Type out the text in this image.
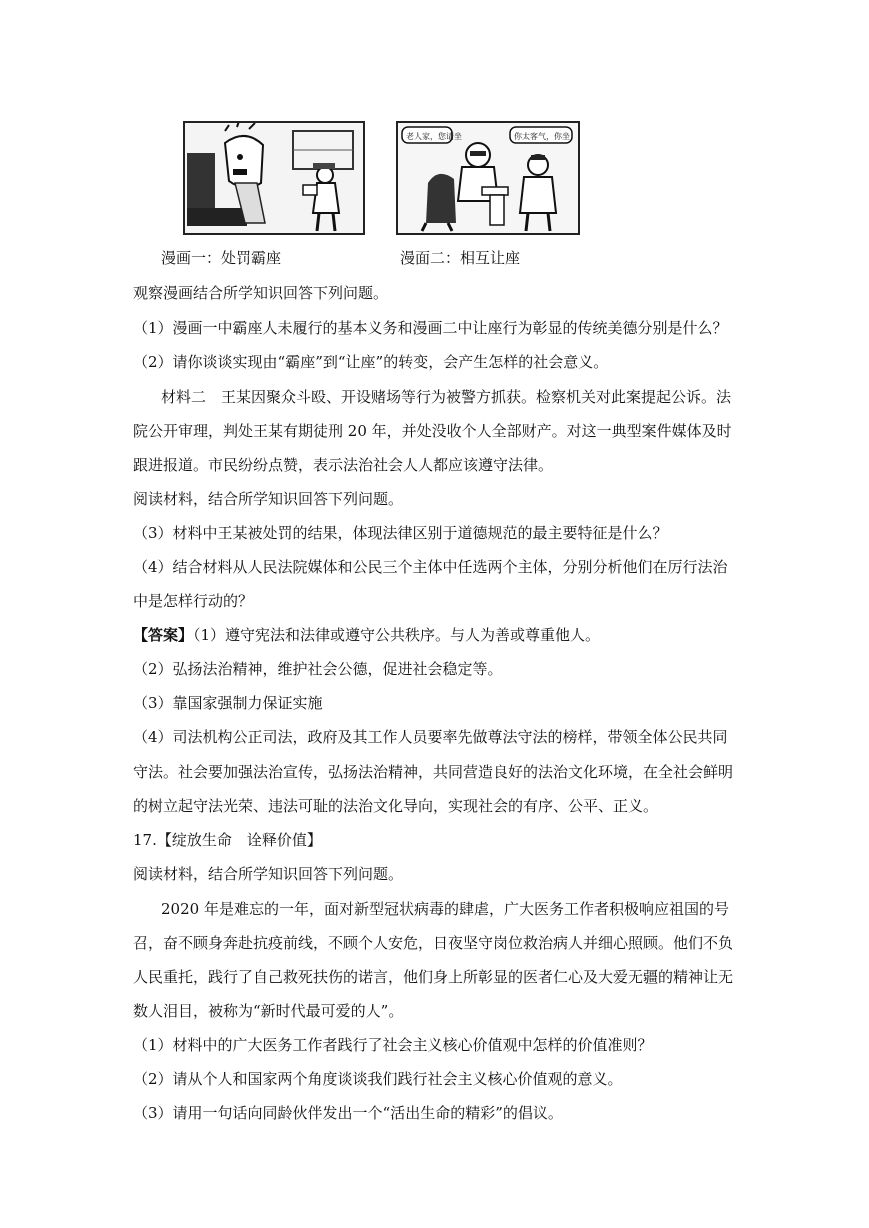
老人家，您请坐	你太客气，你坐
漫画一：处罚霸座	漫面二：相互让座
观察漫画结合所学知识回答下列问题。
（1）漫画一中霸座人未履行的基本义务和漫画二中让座行为彰显的传统美德分别是什么？
（2）请你谈谈实现由“霸座”到“让座”的转变，会产生怎样的社会意义。
材料二　王某因聚众斗殴、开设赌场等行为被警方抓获。检察机关对此案提起公诉。法
院公开审理，判处王某有期徒刑 20 年，并处没收个人全部财产。对这一典型案件媒体及时
跟进报道。市民纷纷点赞，表示法治社会人人都应该遵守法律。
阅读材料，结合所学知识回答下列问题。
（3）材料中王某被处罚的结果，体现法律区别于道德规范的最主要特征是什么？
（4）结合材料从人民法院媒体和公民三个主体中任选两个主体，分别分析他们在厉行法治
中是怎样行动的？
【答案】（1）遵守宪法和法律或遵守公共秩序。与人为善或尊重他人。
（2）弘扬法治精神，维护社会公德，促进社会稳定等。
（3）靠国家强制力保证实施
（4）司法机构公正司法，政府及其工作人员要率先做尊法守法的榜样，带领全体公民共同
守法。社会要加强法治宣传，弘扬法治精神，共同营造良好的法治文化环境，在全社会鲜明
的树立起守法光荣、违法可耻的法治文化导向，实现社会的有序、公平、正义。
17.【绽放生命　诠释价值】
阅读材料，结合所学知识回答下列问题。
2020 年是难忘的一年，面对新型冠状病毒的肆虐，广大医务工作者积极响应祖国的号
召，奋不顾身奔赴抗疫前线，不顾个人安危，日夜坚守岗位救治病人并细心照顾。他们不负
人民重托，践行了自己救死扶伤的诺言，他们身上所彰显的医者仁心及大爱无疆的精神让无
数人泪目，被称为“新时代最可爱的人”。
（1）材料中的广大医务工作者践行了社会主义核心价值观中怎样的价值准则？
（2）请从个人和国家两个角度谈谈我们践行社会主义核心价值观的意义。
（3）请用一句话向同龄伙伴发出一个“活出生命的精彩”的倡议。
